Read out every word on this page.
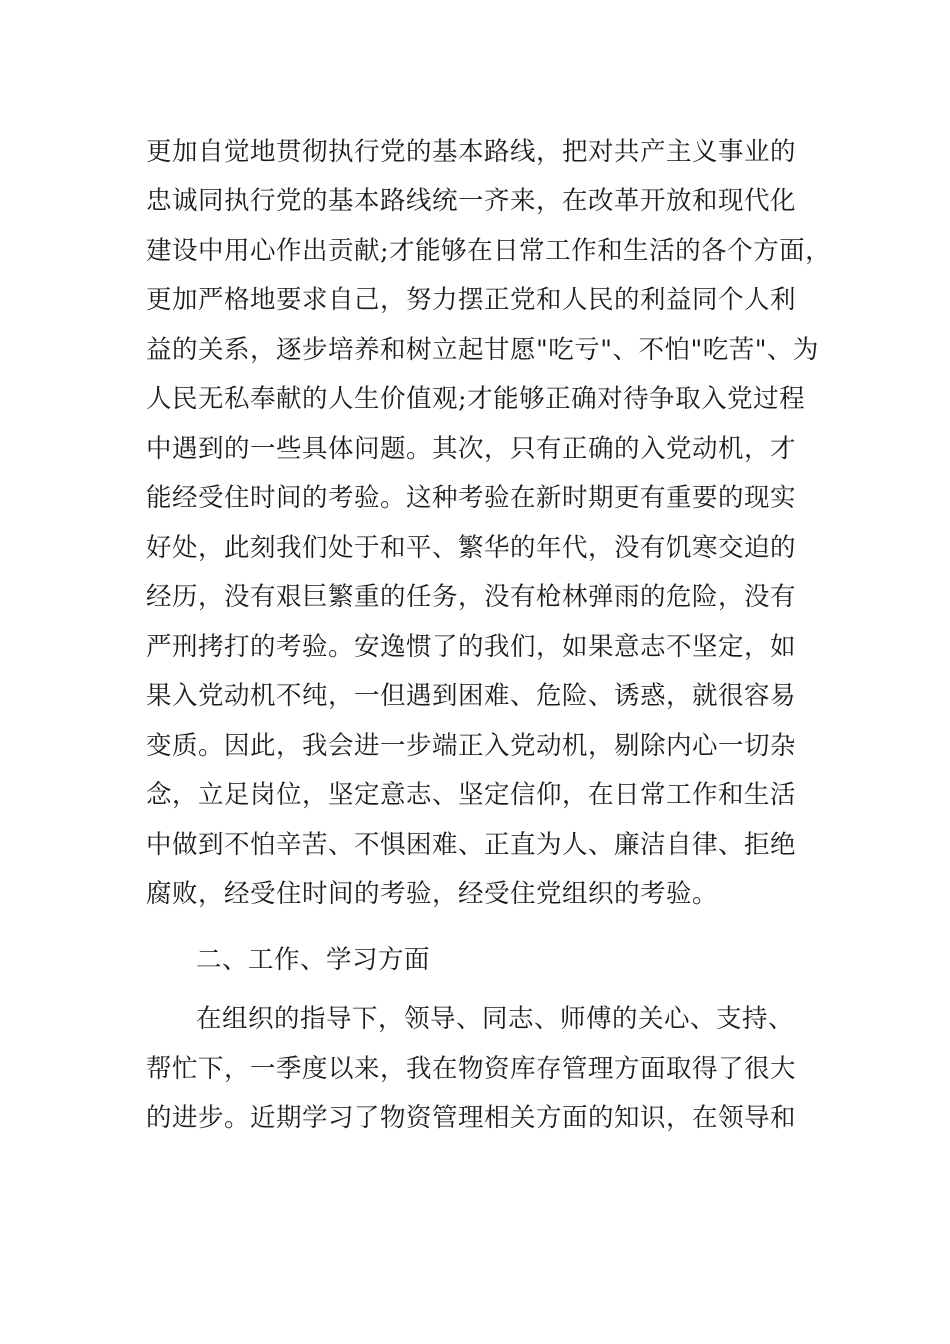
更加自觉地贯彻执行党的基本路线，把对共产主义事业的
忠诚同执行党的基本路线统一齐来，在改革开放和现代化
建设中用心作出贡献;才能够在日常工作和生活的各个方面，
更加严格地要求自己，努力摆正党和人民的利益同个人利
益的关系，逐步培养和树立起甘愿"吃亏"、不怕"吃苦"、为
人民无私奉献的人生价值观;才能够正确对待争取入党过程
中遇到的一些具体问题。其次，只有正确的入党动机，才
能经受住时间的考验。这种考验在新时期更有重要的现实
好处，此刻我们处于和平、繁华的年代，没有饥寒交迫的
经历，没有艰巨繁重的任务，没有枪林弹雨的危险，没有
严刑拷打的考验。安逸惯了的我们，如果意志不坚定，如
果入党动机不纯，一但遇到困难、危险、诱惑，就很容易
变质。因此，我会进一步端正入党动机，剔除内心一切杂
念，立足岗位，坚定意志、坚定信仰，在日常工作和生活
中做到不怕辛苦、不惧困难、正直为人、廉洁自律、拒绝
腐败，经受住时间的考验，经受住党组织的考验。
二、工作、学习方面
在组织的指导下，领导、同志、师傅的关心、支持、
帮忙下，一季度以来，我在物资库存管理方面取得了很大
的进步。近期学习了物资管理相关方面的知识，在领导和
